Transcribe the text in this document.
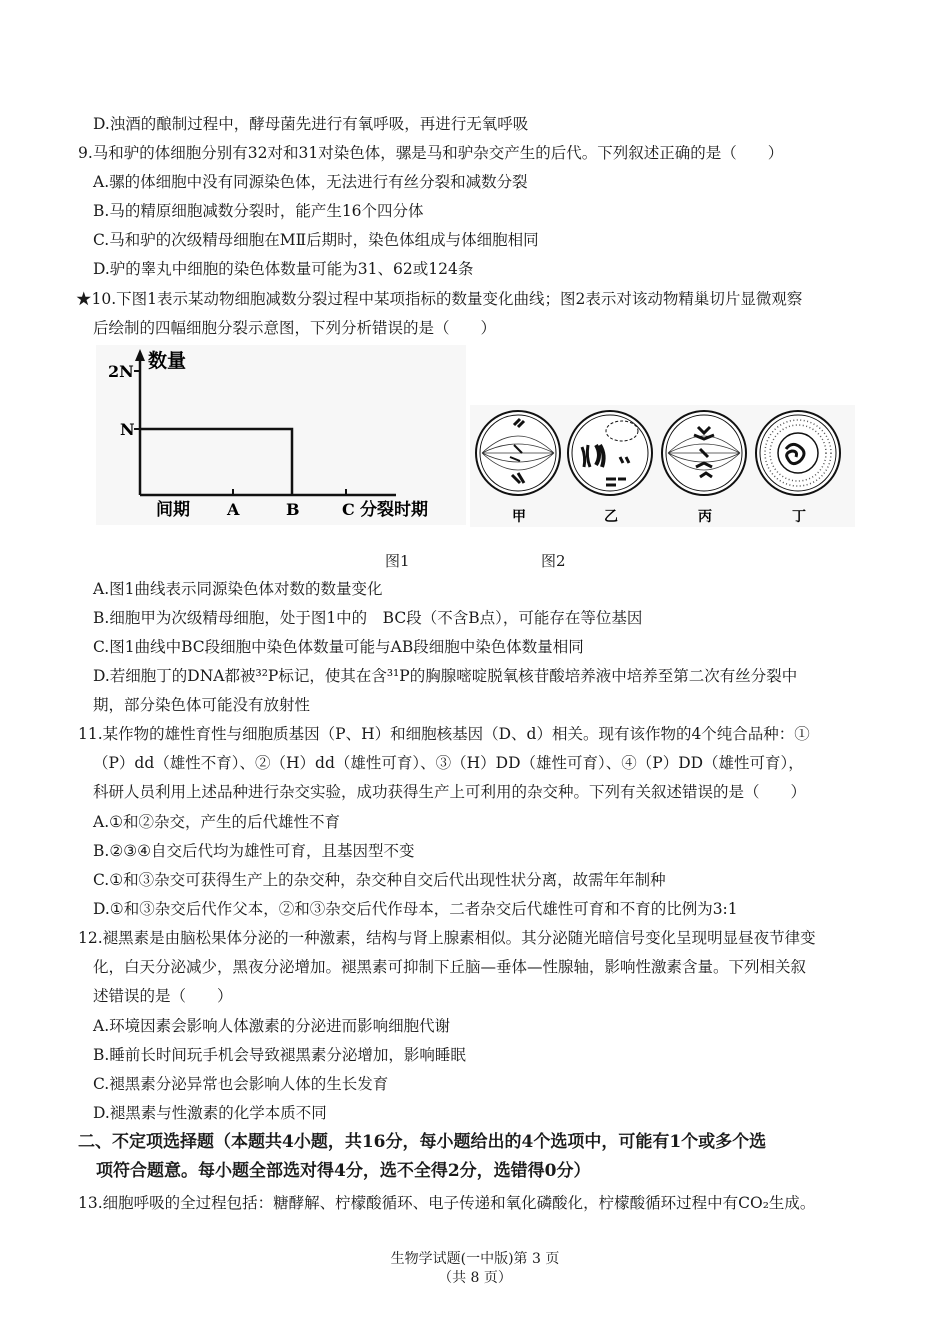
D.浊酒的酿制过程中，酵母菌先进行有氧呼吸，再进行无氧呼吸
9.马和驴的体细胞分别有32对和31对染色体，骡是马和驴杂交产生的后代。下列叙述正确的是（　　）
A.骡的体细胞中没有同源染色体，无法进行有丝分裂和减数分裂
B.马的精原细胞减数分裂时，能产生16个四分体
C.马和驴的次级精母细胞在MⅡ后期时，染色体组成与体细胞相同
D.驴的睾丸中细胞的染色体数量可能为31、62或124条
★10.下图1表示某动物细胞减数分裂过程中某项指标的数量变化曲线；图2表示对该动物精巢切片显微观察
后绘制的四幅细胞分裂示意图，下列分析错误的是（　　）
数量
2N
N
间期 A	B	C 分裂时期	甲	乙	丙	丁
图1	图2
A.图1曲线表示同源染色体对数的数量变化
B.细胞甲为次级精母细胞，处于图1中的　BC段（不含B点），可能存在等位基因
C.图1曲线中BC段细胞中染色体数量可能与AB段细胞中染色体数量相同
D.若细胞丁的DNA都被³²P标记，使其在含³¹P的胸腺嘧啶脱氧核苷酸培养液中培养至第二次有丝分裂中
期，部分染色体可能没有放射性
11.某作物的雄性育性与细胞质基因（P、H）和细胞核基因（D、d）相关。现有该作物的4个纯合品种：①
（P）dd（雄性不育）、②（H）dd（雄性可育）、③（H）DD（雄性可育）、④（P）DD（雄性可育），
科研人员利用上述品种进行杂交实验，成功获得生产上可利用的杂交种。下列有关叙述错误的是（　　）
A.①和②杂交，产生的后代雄性不育
B.②③④自交后代均为雄性可育，且基因型不变
C.①和③杂交可获得生产上的杂交种，杂交种自交后代出现性状分离，故需年年制种
D.①和③杂交后代作父本，②和③杂交后代作母本，二者杂交后代雄性可育和不育的比例为3:1
12.褪黑素是由脑松果体分泌的一种激素，结构与肾上腺素相似。其分泌随光暗信号变化呈现明显昼夜节律变
化，白天分泌减少，黑夜分泌增加。褪黑素可抑制下丘脑—垂体—性腺轴，影响性激素含量。下列相关叙
述错误的是（　　）
A.环境因素会影响人体激素的分泌进而影响细胞代谢
B.睡前长时间玩手机会导致褪黑素分泌增加，影响睡眠
C.褪黑素分泌异常也会影响人体的生长发育
D.褪黑素与性激素的化学本质不同
二、不定项选择题（本题共4小题，共16分，每小题给出的4个选项中，可能有1个或多个选
项符合题意。每小题全部选对得4分，选不全得2分，选错得0分）
13.细胞呼吸的全过程包括：糖酵解、柠檬酸循环、电子传递和氧化磷酸化，柠檬酸循环过程中有CO₂生成。
生物学试题(一中版)第 3 页
（共 8 页）
